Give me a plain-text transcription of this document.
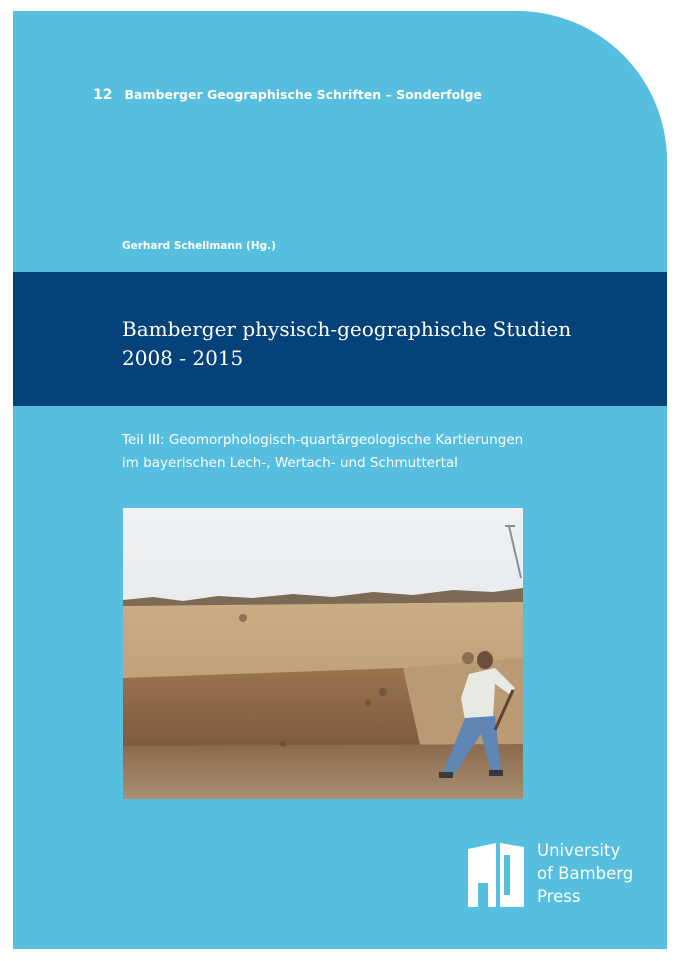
12 Bamberger Geographische Schriften – Sonderfolge
Gerhard Schellmann (Hg.)
Bamberger physisch-geographische Studien
2008 - 2015
Teil III: Geomorphologisch-quartärgeologische Kartierungen
im bayerischen Lech-, Wertach- und Schmuttertal
University
of Bamberg
Press
